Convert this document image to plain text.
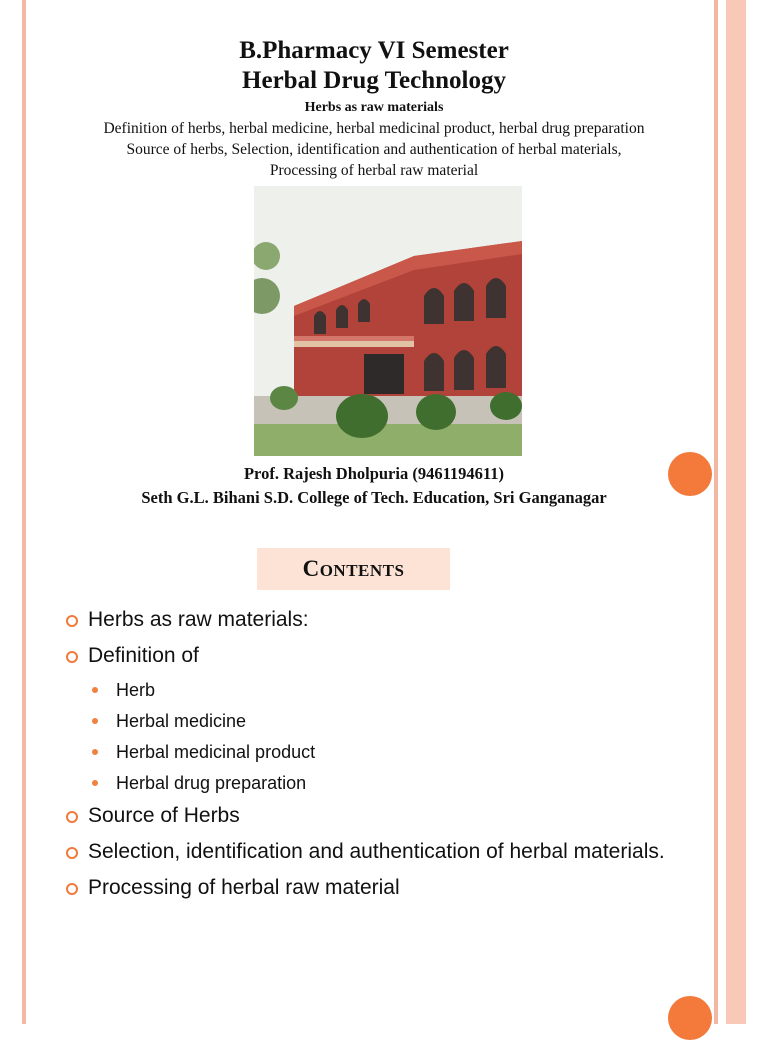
B.Pharmacy VI Semester
Herbal Drug Technology
Herbs as raw materials
Definition of herbs, herbal medicine, herbal medicinal product, herbal drug preparation
Source of herbs, Selection, identification and authentication of herbal materials,
Processing of herbal raw material
Prof. Rajesh Dholpuria (9461194611)
Seth G.L. Bihani S.D. College of Tech. Education, Sri Ganganagar
CONTENTS
Herbs as raw materials:
Definition of
Herb
Herbal medicine
Herbal medicinal product
Herbal drug preparation
Source of Herbs
Selection, identification and authentication of herbal materials.
Processing of herbal raw material
